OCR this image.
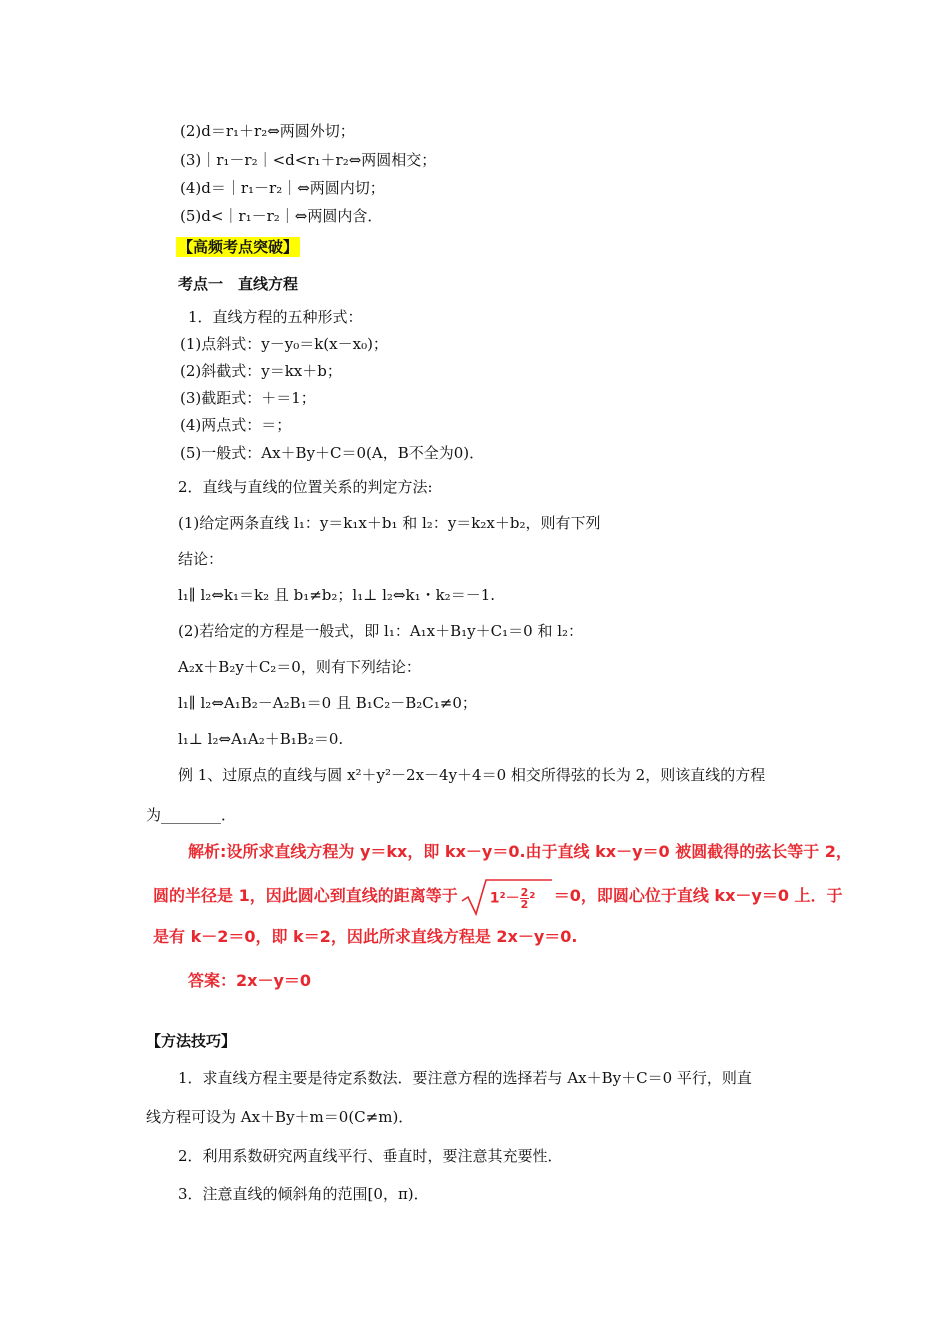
(2)d＝r₁＋r₂⇔两圆外切；
(3)｜r₁－r₂｜<d<r₁＋r₂⇔两圆相交；
(4)d＝｜r₁－r₂｜⇔两圆内切；
(5)d<｜r₁－r₂｜⇔两圆内含．
【高频考点突破】
考点一　直线方程
1．直线方程的五种形式：
(1)点斜式：y－y₀＝k(x－x₀)；
(2)斜截式：y＝kx＋b；
(3)截距式：＋＝1；
(4)两点式：＝；
(5)一般式：Ax＋By＋C＝0(A，B不全为0)．
2．直线与直线的位置关系的判定方法:
(1)给定两条直线 l₁：y＝k₁x＋b₁ 和 l₂：y＝k₂x＋b₂，则有下列
结论：
l₁∥ l₂⇔k₁＝k₂ 且 b₁≠b₂；l₁⊥ l₂⇔k₁・k₂＝－1.
(2)若给定的方程是一般式，即 l₁：A₁x＋B₁y＋C₁＝0 和 l₂：
A₂x＋B₂y＋C₂＝0，则有下列结论：
l₁∥ l₂⇔A₁B₂－A₂B₁＝0 且 B₁C₂－B₂C₁≠0；
l₁⊥ l₂⇔A₁A₂＋B₁B₂＝0.
例 1、过原点的直线与圆 x²＋y²－2x－4y＋4＝0 相交所得弦的长为 2，则该直线的方程
为________．
解析:设所求直线方程为 y＝kx，即 kx－y＝0.由于直线 kx－y＝0 被圆截得的弦长等于 2，
圆的半径是 1，因此圆心到直线的距离等于 $1^2- \frac{2}{2} ^2 =0$，即圆心位于直线 kx－y＝0 上．于
是有 k－2＝0，即 k＝2，因此所求直线方程是 2x－y＝0.
答案：2x－y＝0
【方法技巧】
1．求直线方程主要是待定系数法．要注意方程的选择若与 Ax＋By＋C＝0 平行，则直
线方程可设为 Ax＋By＋m＝0(C≠m)．
2．利用系数研究两直线平行、垂直时，要注意其充要性．
3．注意直线的倾斜角的范围[0，π)．
